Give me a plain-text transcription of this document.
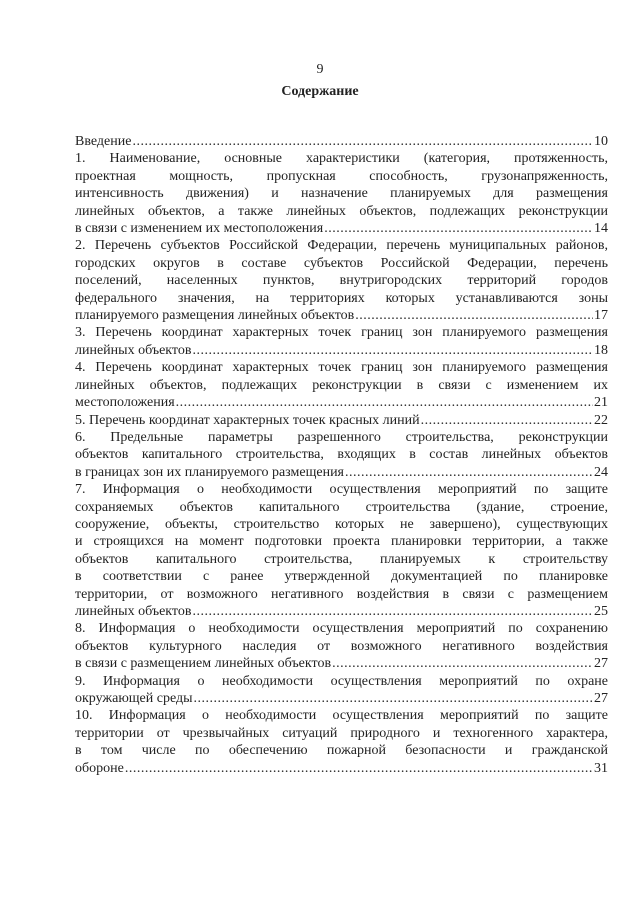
9
Содержание
Введение .....	10
1. Наименование, основные характеристики (категория, протяженность,
проектная мощность, пропускная способность, грузонапряженность,
интенсивность движения) и назначение планируемых для размещения
линейных объектов, а также линейных объектов, подлежащих реконструкции
в связи с изменением их местоположения .....	14
2. Перечень субъектов Российской Федерации, перечень муниципальных районов,
городских округов в составе субъектов Российской Федерации, перечень
поселений, населенных пунктов, внутригородских территорий городов
федерального значения, на территориях которых устанавливаются зоны
планируемого размещения линейных объектов .....	17
3. Перечень координат характерных точек границ зон планируемого размещения
линейных объектов .....	18
4. Перечень координат характерных точек границ зон планируемого размещения
линейных объектов, подлежащих реконструкции в связи с изменением их
местоположения .....	21
5. Перечень координат характерных точек красных линий .....	22
6. Предельные параметры разрешенного строительства, реконструкции
объектов капитального строительства, входящих в состав линейных объектов
в границах зон их планируемого размещения .....	24
7. Информация о необходимости осуществления мероприятий по защите
сохраняемых объектов капитального строительства (здание, строение,
сооружение, объекты, строительство которых не завершено), существующих
и строящихся на момент подготовки проекта планировки территории, а также
объектов капитального строительства, планируемых к строительству
в соответствии с ранее утвержденной документацией по планировке
территории, от возможного негативного воздействия в связи с размещением
линейных объектов .....	25
8. Информация о необходимости осуществления мероприятий по сохранению
объектов культурного наследия от возможного негативного воздействия
в связи с размещением линейных объектов .....	27
9. Информация о необходимости осуществления мероприятий по охране
окружающей среды .....	27
10. Информация о необходимости осуществления мероприятий по защите
территории от чрезвычайных ситуаций природного и техногенного характера,
в том числе по обеспечению пожарной безопасности и гражданской
обороне .....	31
